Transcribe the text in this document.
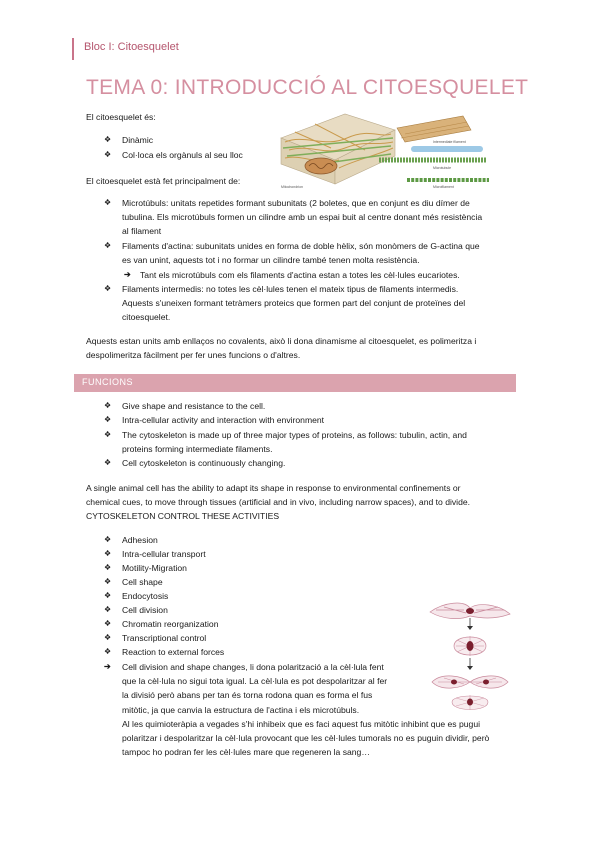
Bloc I: Citoesquelet
TEMA 0: INTRODUCCIÓ AL CITOESQUELET
El citoesquelet és:
❖ Dinàmic
❖ Col·loca els orgànuls al seu lloc
El citoesquelet està fet principalment de:
Intermediate filament
Microtubule
Microfilament
Mitochondrion
❖ Microtúbuls: unitats repetides formant subunitats (2 boletes, que en conjunt es diu dímer de
tubulina. Els microtúbuls formen un cilindre amb un espai buit al centre donant més resistència
al filament
❖ Filaments d'actina: subunitats unides en forma de doble hèlix, són monòmers de G-actina que
es van unint, aquests tot i no formar un cilindre també tenen molta resistència.
➔ Tant els microtúbuls com els filaments d'actina estan a totes les cèl·lules eucariotes.
❖ Filaments intermedis: no totes les cèl·lules tenen el mateix tipus de filaments intermedis.
Aquests s'uneixen formant tetràmers proteics que formen part del conjunt de proteïnes del
citoesquelet.
Aquests estan units amb enllaços no covalents, això li dona dinamisme al citoesquelet, es polimeritza i
despolimeritza fàcilment per fer unes funcions o d'altres.
FUNCIONS
❖ Give shape and resistance to the cell.
❖ Intra-cellular activity and interaction with environment
❖ The cytoskeleton is made up of three major types of proteins, as follows: tubulin, actin, and
proteins forming intermediate filaments.
❖ Cell cytoskeleton is continuously changing.
A single animal cell has the ability to adapt its shape in response to environmental confinements or
chemical cues, to move through tissues (artificial and in vivo, including narrow spaces), and to divide.
CYTOSKELETON CONTROL THESE ACTIVITIES
❖ Adhesion
❖ Intra-cellular transport
❖ Motility-Migration
❖ Cell shape
❖ Endocytosis
❖ Cell division
❖ Chromatin reorganization
❖ Transcriptional control
❖ Reaction to external forces
➔ Cell division and shape changes, li dona polarització a la cèl·lula fent
que la cèl·lula no sigui tota igual. La cèl·lula es pot despolaritzar al fer
la divisió però abans per tan és torna rodona quan es forma el fus
mitòtic, ja que canvia la estructura de l'actina i els microtúbuls.
Al les quimioteràpia a vegades s'hi inhibeix que es faci aquest fus mitòtic inhibint que es pugui
polaritzar i despolaritzar la cèl·lula provocant que les cèl·lules tumorals no es puguin dividir, però
tampoc ho podran fer les cèl·lules mare que regeneren la sang…
